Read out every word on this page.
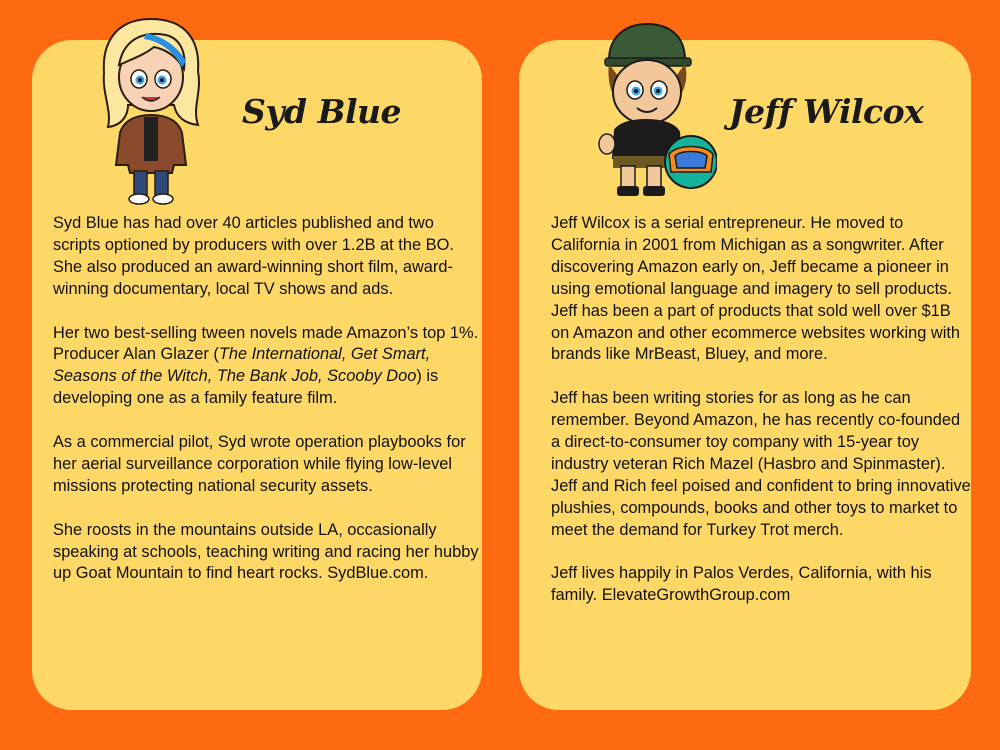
Syd Blue

Syd Blue has had over 40 articles published and two scripts optioned by producers with over 1.2B at the BO. She also produced an award-winning short film, award-winning documentary, local TV shows and ads.

Her two best-selling tween novels made Amazon’s top 1%. Producer Alan Glazer (The International, Get Smart, Seasons of the Witch, The Bank Job, Scooby Doo) is developing one as a family feature film.

As a commercial pilot, Syd wrote operation playbooks for her aerial surveillance corporation while flying low-level missions protecting national security assets.

She roosts in the mountains outside LA, occasionally speaking at schools, teaching writing and racing her hubby up Goat Mountain to find heart rocks. SydBlue.com.

Jeff Wilcox

Jeff Wilcox is a serial entrepreneur. He moved to California in 2001 from Michigan as a songwriter. After discovering Amazon early on, Jeff became a pioneer in using emotional language and imagery to sell products. Jeff has been a part of products that sold well over $1B on Amazon and other ecommerce websites working with brands like MrBeast, Bluey, and more.

Jeff has been writing stories for as long as he can remember. Beyond Amazon, he has recently co-founded a direct-to-consumer toy company with 15-year toy industry veteran Rich Mazel (Hasbro and Spinmaster). Jeff and Rich feel poised and confident to bring innovative plushies, compounds, books and other toys to market to meet the demand for Turkey Trot merch.

Jeff lives happily in Palos Verdes, California, with his family. ElevateGrowthGroup.com
